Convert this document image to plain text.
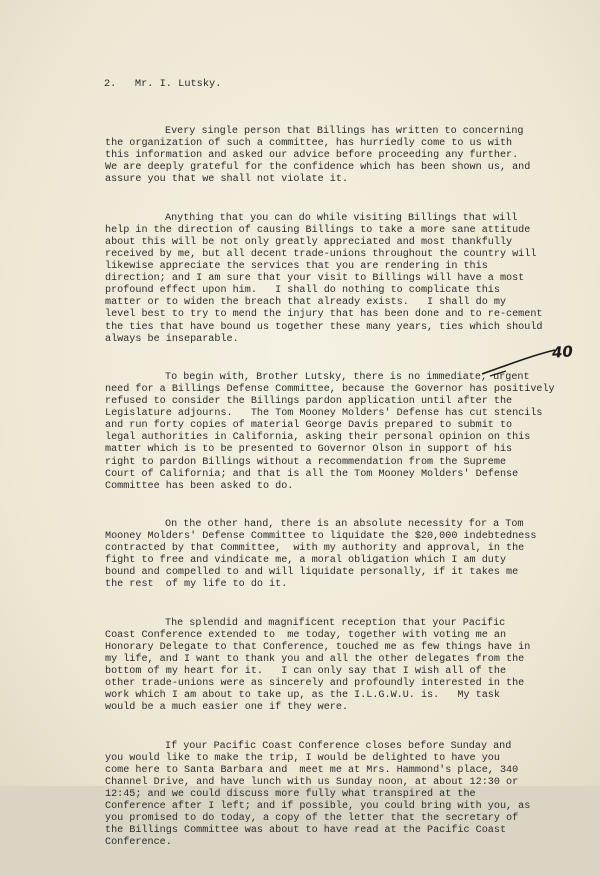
2.   Mr. I. Lutsky.
Every single person that Billings has written to concerning
the organization of such a committee, has hurriedly come to us with
this information and asked our advice before proceeding any further.
We are deeply grateful for the confidence which has been shown us, and
assure you that we shall not violate it.
Anything that you can do while visiting Billings that will
help in the direction of causing Billings to take a more sane attitude
about this will be not only greatly appreciated and most thankfully
received by me, but all decent trade-unions throughout the country will
likewise appreciate the services that you are rendering in this
direction; and I am sure that your visit to Billings will have a most
profound effect upon him.   I shall do nothing to complicate this
matter or to widen the breach that already exists.   I shall do my
level best to try to mend the injury that has been done and to re-cement
the ties that have bound us together these many years, ties which should
always be inseparable.
To begin with, Brother Lutsky, there is no immediate, urgent
need for a Billings Defense Committee, because the Governor has positively
refused to consider the Billings pardon application until after the
Legislature adjourns.   The Tom Mooney Molders' Defense has cut stencils
and run forty copies of material George Davis prepared to submit to
legal authorities in California, asking their personal opinion on this
matter which is to be presented to Governor Olson in support of his
right to pardon Billings without a recommendation from the Supreme
Court of California; and that is all the Tom Mooney Molders' Defense
Committee has been asked to do.
On the other hand, there is an absolute necessity for a Tom
Mooney Molders' Defense Committee to liquidate the $20,000 indebtedness
contracted by that Committee,  with my authority and approval, in the
fight to free and vindicate me, a moral obligation which I am duty
bound and compelled to and will liquidate personally, if it takes me
the rest  of my life to do it.
The splendid and magnificent reception that your Pacific
Coast Conference extended to  me today, together with voting me an
Honorary Delegate to that Conference, touched me as few things have in
my life, and I want to thank you and all the other delegates from the
bottom of my heart for it.   I can only say that I wish all of the
other trade-unions were as sincerely and profoundly interested in the
work which I am about to take up, as the I.L.G.W.U. is.   My task
would be a much easier one if they were.
If your Pacific Coast Conference closes before Sunday and
you would like to make the trip, I would be delighted to have you
come here to Santa Barbara and  meet me at Mrs. Hammond's place, 340
Channel Drive, and have lunch with us Sunday noon, at about 12:30 or
12:45; and we could discuss more fully what transpired at the
Conference after I left; and if possible, you could bring with you, as
you promised to do today, a copy of the letter that the secretary of
the Billings Committee was about to have read at the Pacific Coast
Conference.
40
